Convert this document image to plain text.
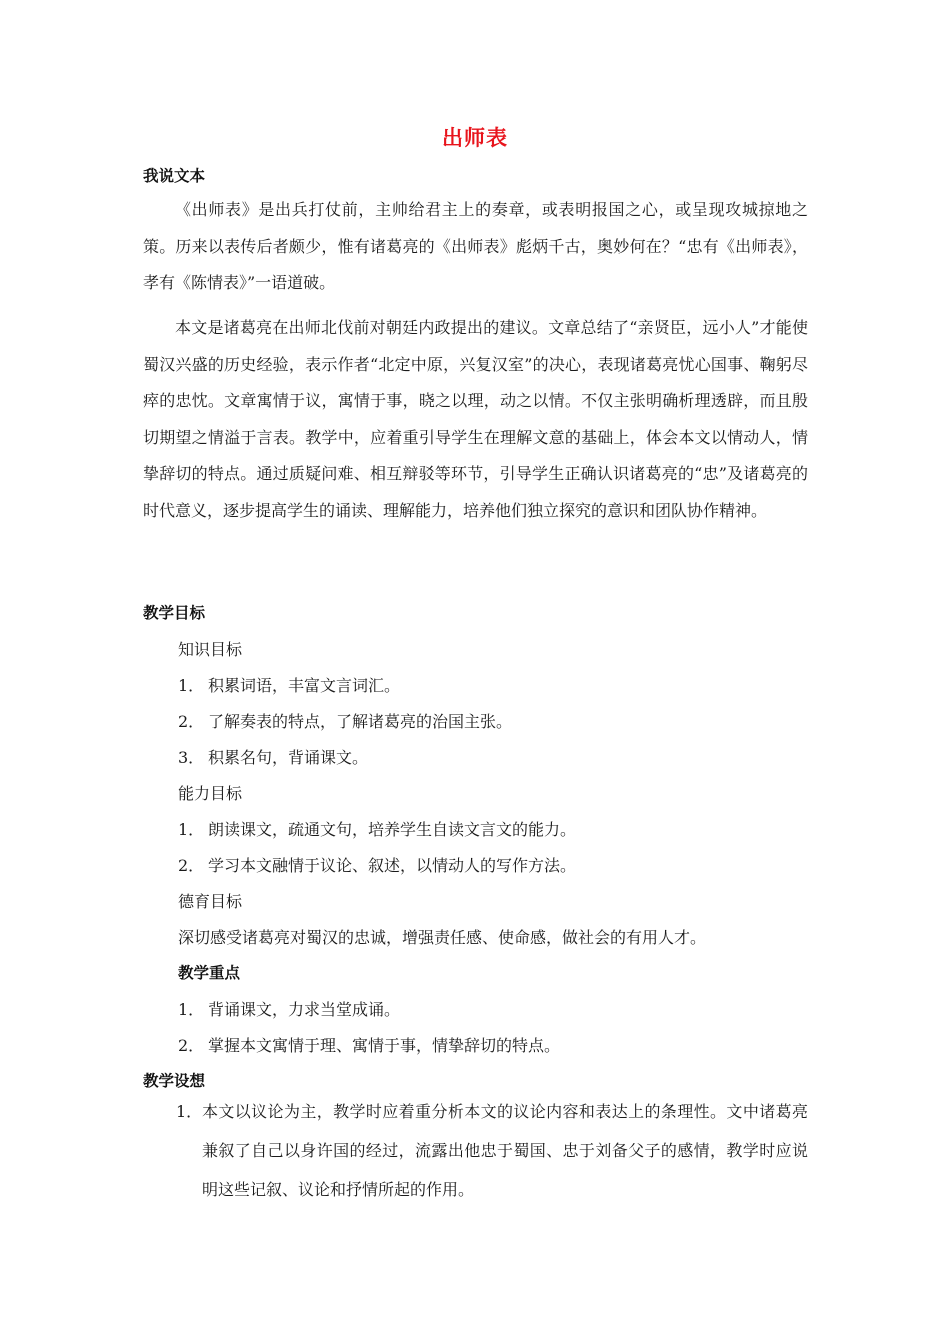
出师表
我说文本

《出师表》是出兵打仗前，主帅给君主上的奏章，或表明报国之心，或呈现攻城掠地之策。历来以表传后者颇少，惟有诸葛亮的《出师表》彪炳千古，奥妙何在？“忠有《出师表》，孝有《陈情表》”一语道破。

本文是诸葛亮在出师北伐前对朝廷内政提出的建议。文章总结了“亲贤臣，远小人”才能使蜀汉兴盛的历史经验，表示作者“北定中原，兴复汉室”的决心，表现诸葛亮忧心国事、鞠躬尽瘁的忠忱。文章寓情于议，寓情于事，晓之以理，动之以情。不仅主张明确析理透辟，而且殷切期望之情溢于言表。教学中，应着重引导学生在理解文意的基础上，体会本文以情动人，情挚辞切的特点。通过质疑问难、相互辩驳等环节，引导学生正确认识诸葛亮的“忠”及诸葛亮的时代意义，逐步提高学生的诵读、理解能力，培养他们独立探究的意识和团队协作精神。

教学目标
知识目标
1． 积累词语，丰富文言词汇。
2． 了解奏表的特点，了解诸葛亮的治国主张。
3． 积累名句，背诵课文。
能力目标
1． 朗读课文，疏通文句，培养学生自读文言文的能力。
2． 学习本文融情于议论、叙述，以情动人的写作方法。
德育目标
深切感受诸葛亮对蜀汉的忠诚，增强责任感、使命感，做社会的有用人才。
教学重点
1． 背诵课文，力求当堂成诵。
2． 掌握本文寓情于理、寓情于事，情挚辞切的特点。
教学设想
1． 本文以议论为主，教学时应着重分析本文的议论内容和表达上的条理性。文中诸葛亮兼叙了自己以身许国的经过，流露出他忠于蜀国、忠于刘备父子的感情，教学时应说明这些记叙、议论和抒情所起的作用。
